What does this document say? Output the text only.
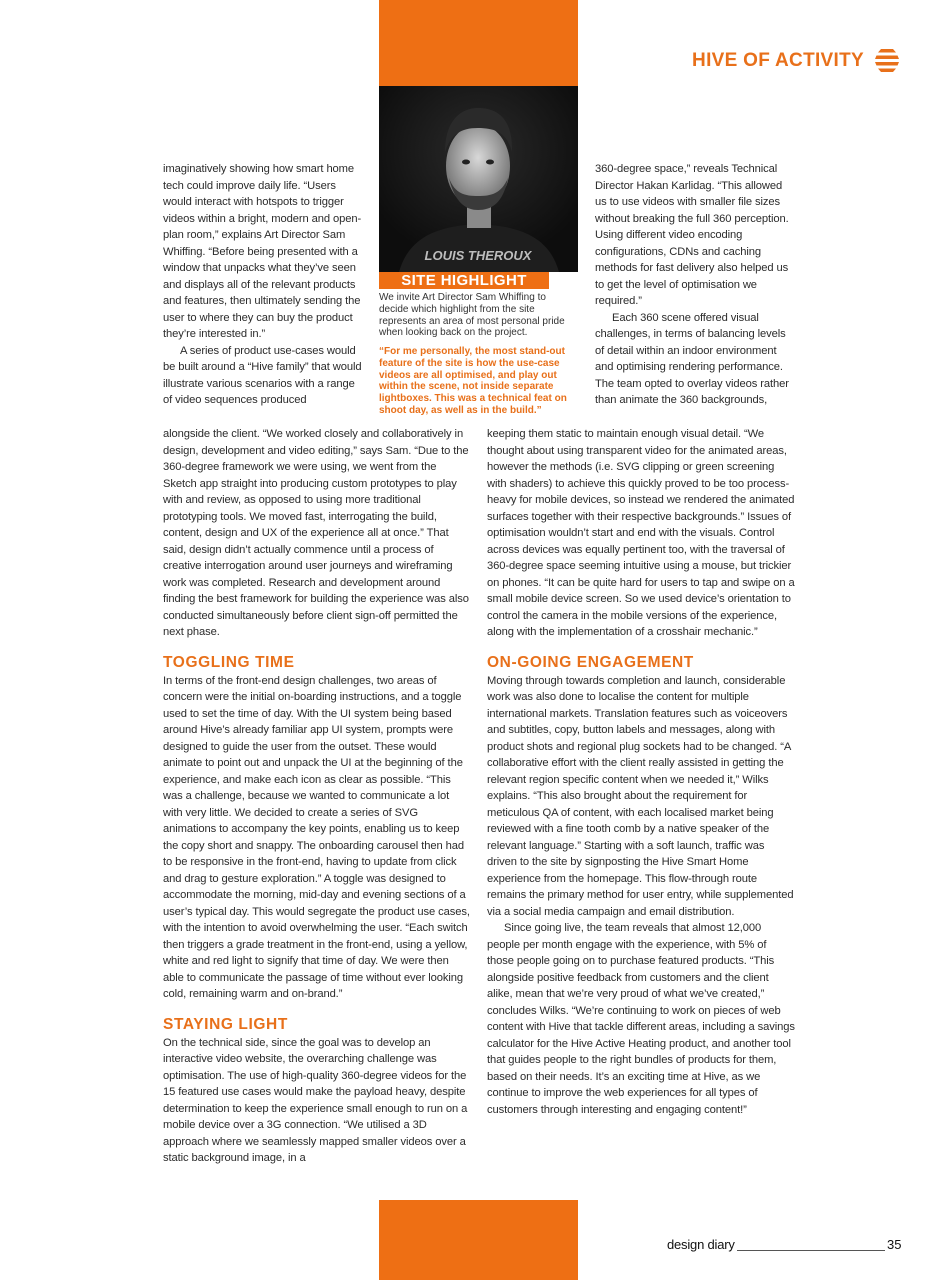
HIVE OF ACTIVITY
LOUIS THEROUX
SITE HIGHLIGHT
We invite Art Director Sam Whiffing to decide which highlight from the site represents an area of most personal pride when looking back on the project.
“For me personally, the most stand-out feature of the site is how the use-case videos are all optimised, and play out within the scene, not inside separate lightboxes. This was a technical feat on shoot day, as well as in the build.”

imaginatively showing how smart home tech could improve daily life. “Users would interact with hotspots to trigger videos within a bright, modern and open-plan room,” explains Art Director Sam Whiffing. “Before being presented with a window that unpacks what they’ve seen and displays all of the relevant products and features, then ultimately sending the user to where they can buy the product they’re interested in.”

A series of product use-cases would be built around a “Hive family” that would illustrate various scenarios with a range of video sequences produced

alongside the client. “We worked closely and collaboratively in design, development and video editing,” says Sam. “Due to the 360-degree framework we were using, we went from the Sketch app straight into producing custom prototypes to play with and review, as opposed to using more traditional prototyping tools. We moved fast, interrogating the build, content, design and UX of the experience all at once.” That said, design didn’t actually commence until a process of creative interrogation around user journeys and wireframing work was completed. Research and development around finding the best framework for building the experience was also conducted simultaneously before client sign-off permitted the next phase.

TOGGLING TIME

In terms of the front-end design challenges, two areas of concern were the initial on-boarding instructions, and a toggle used to set the time of day. With the UI system being based around Hive’s already familiar app UI system, prompts were designed to guide the user from the outset. These would animate to point out and unpack the UI at the beginning of the experience, and make each icon as clear as possible. “This was a challenge, because we wanted to communicate a lot with very little. We decided to create a series of SVG animations to accompany the key points, enabling us to keep the copy short and snappy. The onboarding carousel then had to be responsive in the front-end, having to update from click and drag to gesture exploration.” A toggle was designed to accommodate the morning, mid-day and evening sections of a user’s typical day. This would segregate the product use cases, with the intention to avoid overwhelming the user. “Each switch then triggers a grade treatment in the front-end, using a yellow, white and red light to signify that time of day. We were then able to communicate the passage of time without ever looking cold, remaining warm and on-brand.”

STAYING LIGHT

On the technical side, since the goal was to develop an interactive video website, the overarching challenge was optimisation. The use of high-quality 360-degree videos for the 15 featured use cases would make the payload heavy, despite determination to keep the experience small enough to run on a mobile device over a 3G connection. “We utilised a 3D approach where we seamlessly mapped smaller videos over a static background image, in a

360-degree space,” reveals Technical Director Hakan Karlidag. “This allowed us to use videos with smaller file sizes without breaking the full 360 perception. Using different video encoding configurations, CDNs and caching methods for fast delivery also helped us to get the level of optimisation we required.”

Each 360 scene offered visual challenges, in terms of balancing levels of detail within an indoor environment and optimising rendering performance. The team opted to overlay videos rather than animate the 360 backgrounds,

keeping them static to maintain enough visual detail. “We thought about using transparent video for the animated areas, however the methods (i.e. SVG clipping or green screening with shaders) to achieve this quickly proved to be too process-heavy for mobile devices, so instead we rendered the animated surfaces together with their respective backgrounds.” Issues of optimisation wouldn’t start and end with the visuals. Control across devices was equally pertinent too, with the traversal of 360-degree space seeming intuitive using a mouse, but trickier on phones. “It can be quite hard for users to tap and swipe on a small mobile device screen. So we used device’s orientation to control the camera in the mobile versions of the experience, along with the implementation of a crosshair mechanic.”

ON-GOING ENGAGEMENT

Moving through towards completion and launch, considerable work was also done to localise the content for multiple international markets. Translation features such as voiceovers and subtitles, copy, button labels and messages, along with product shots and regional plug sockets had to be changed. “A collaborative effort with the client really assisted in getting the relevant region specific content when we needed it,” Wilks explains. “This also brought about the requirement for meticulous QA of content, with each localised market being reviewed with a fine tooth comb by a native speaker of the relevant language.” Starting with a soft launch, traffic was driven to the site by signposting the Hive Smart Home experience from the homepage. This flow-through route remains the primary method for user entry, while supplemented via a social media campaign and email distribution.

Since going live, the team reveals that almost 12,000 people per month engage with the experience, with 5% of those people going on to purchase featured products. “This alongside positive feedback from customers and the client alike, mean that we’re very proud of what we’ve created,” concludes Wilks. “We’re continuing to work on pieces of web content with Hive that tackle different areas, including a savings calculator for the Hive Active Heating product, and another tool that guides people to the right bundles of products for them, based on their needs. It’s an exciting time at Hive, as we continue to improve the web experiences for all types of customers through interesting and engaging content!”

design diary	35
